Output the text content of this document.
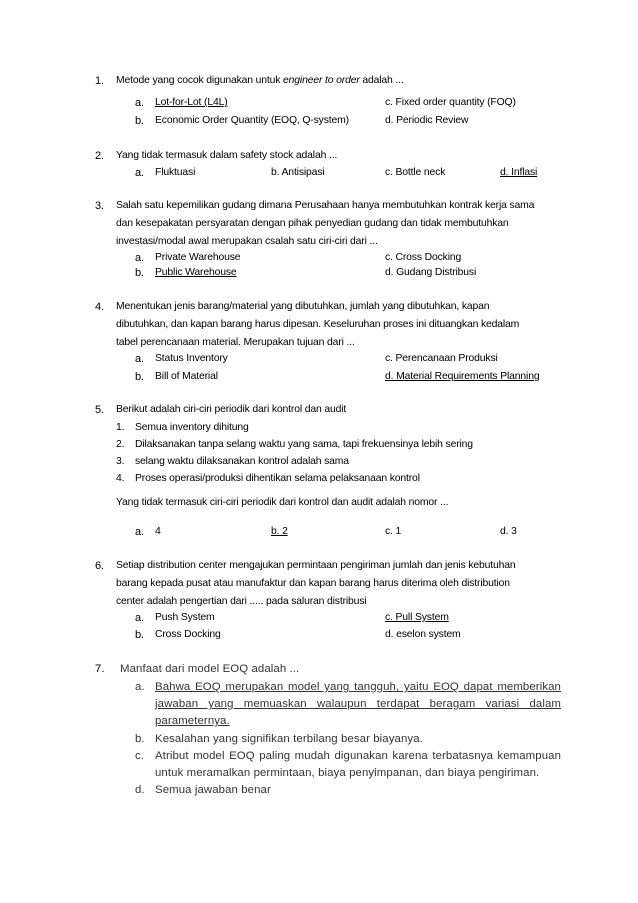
1. Metode yang cocok digunakan untuk engineer to order adalah ...
a. Lot-for-Lot (L4L)	c. Fixed order quantity (FOQ)
b. Economic Order Quantity (EOQ, Q-system)	d. Periodic Review
2. Yang tidak termasuk dalam safety stock adalah ...
a. Fluktuasi	b. Antisipasi	c. Bottle neck	d. Inflasi
3. Salah satu kepemilikan gudang dimana Perusahaan hanya membutuhkan kontrak kerja sama
dan kesepakatan persyaratan dengan pihak penyedian gudang dan tidak membutuhkan
investasi/modal awal merupakan csalah satu ciri-ciri dari ...
a. Private Warehouse	c. Cross Docking
b. Public Warehouse	d. Gudang Distribusi
4. Menentukan jenis barang/material yang dibutuhkan, jumlah yang dibutuhkan, kapan
dibutuhkan, dan kapan barang harus dipesan. Keseluruhan proses ini dituangkan kedalam
tabel perencanaan material. Merupakan tujuan dari ...
a. Status Inventory	c. Perencanaan Produksi
b. Bill of Material	d. Material Requirements Planning
5. Berikut adalah ciri-ciri periodik dari kontrol dan audit
1. Semua inventory dihitung
2. Dilaksanakan tanpa selang waktu yang sama, tapi frekuensinya lebih sering
3. selang waktu dilaksanakan kontrol adalah sama
4. Proses operasi/produksi dihentikan selama pelaksanaan kontrol
Yang tidak termasuk ciri-ciri periodik dari kontrol dan audit adalah nomor ...
a. 4	b. 2	c. 1	d. 3
6. Setiap distribution center mengajukan permintaan pengiriman jumlah dan jenis kebutuhan
barang kepada pusat atau manufaktur dan kapan barang harus diterima oleh distribution
center adalah pengertian dari ..... pada saluran distribusi
a. Push System	c. Pull System
b. Cross Docking	d. eselon system
7. Manfaat dari model EOQ adalah ...
a. Bahwa EOQ merupakan model yang tangguh, yaitu EOQ dapat memberikan
jawaban yang memuaskan walaupun terdapat beragam variasi dalam
parameternya.
b. Kesalahan yang signifikan terbilang besar biayanya.
c. Atribut model EOQ paling mudah digunakan karena terbatasnya kemampuan
untuk meramalkan permintaan, biaya penyimpanan, dan biaya pengiriman.
d. Semua jawaban benar
